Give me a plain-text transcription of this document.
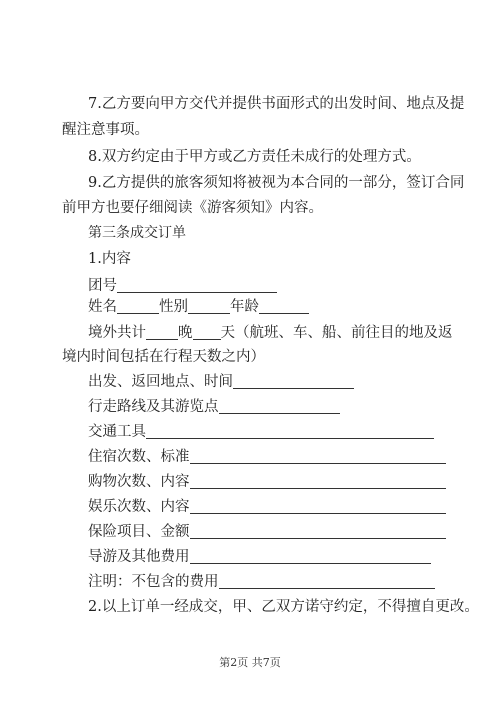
7.乙方要向甲方交代并提供书面形式的出发时间、地点及提
醒注意事项。
8.双方约定由于甲方或乙方责任未成行的处理方式。
9.乙方提供的旅客须知将被视为本合同的一部分，签订合同
前甲方也要仔细阅读《游客须知》内容。
第三条成交订单
1.内容
团号
姓名	性别	年龄
境外共计 晚 天（航班、车、船、前往目的地及返
境内时间包括在行程天数之内）
出发、返回地点、时间
行走路线及其游览点
交通工具
住宿次数、标准
购物次数、内容
娱乐次数、内容
保险项目、金额
导游及其他费用
注明：不包含的费用
2.以上订单一经成交，甲、乙双方诺守约定，不得擅自更改。
第2页 共7页
